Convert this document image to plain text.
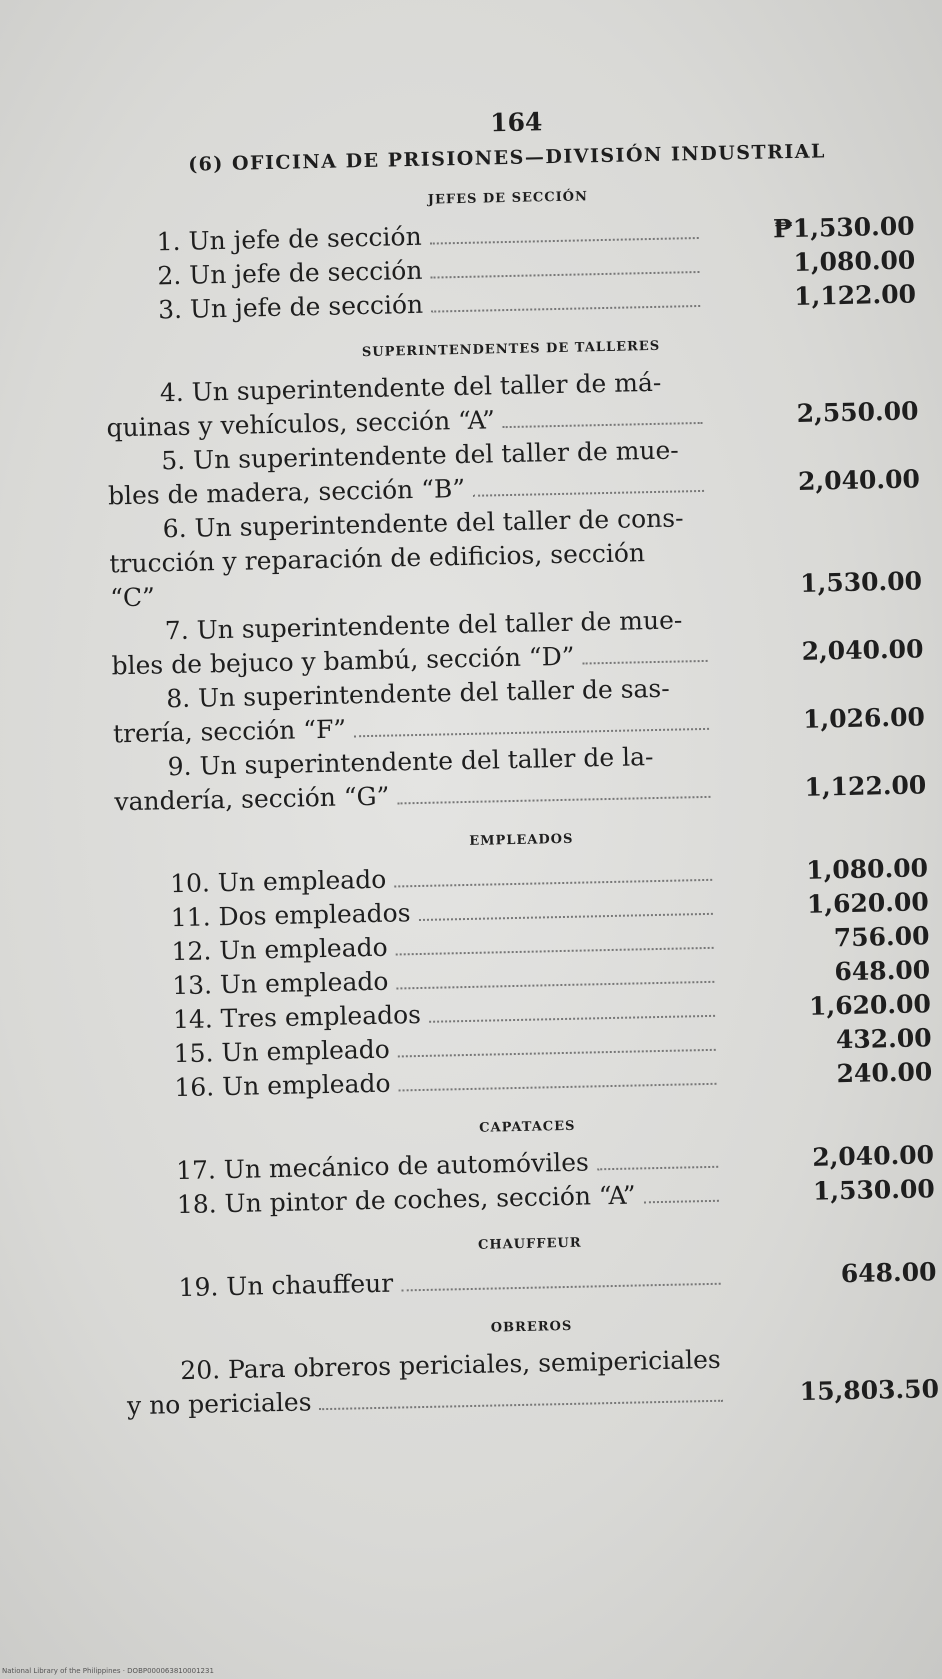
164
(6) OFICINA DE PRISIONES—DIVISIÓN INDUSTRIAL
JEFES DE SECCIÓN
1. Un jefe de sección	₱1,530.00
2. Un jefe de sección	1,080.00
3. Un jefe de sección	1,122.00
SUPERINTENDENTES DE TALLERES
4. Un superintendente del taller de má-
quinas y vehículos, sección “A”	2,550.00
5. Un superintendente del taller de mue-
bles de madera, sección “B”	2,040.00
6. Un superintendente del taller de cons-
trucción y reparación de edificios, sección “C”	1,530.00
7. Un superintendente del taller de mue-
bles de bejuco y bambú, sección “D”	2,040.00
8. Un superintendente del taller de sas-
trería, sección “F”	1,026.00
9. Un superintendente del taller de la-
vandería, sección “G”	1,122.00
EMPLEADOS
10. Un empleado	1,080.00
11. Dos empleados	1,620.00
12. Un empleado	756.00
13. Un empleado	648.00
14. Tres empleados	1,620.00
15. Un empleado	432.00
16. Un empleado	240.00
CAPATACES
17. Un mecánico de automóviles	2,040.00
18. Un pintor de coches, sección “A”	1,530.00
CHAUFFEUR
19. Un chauffeur	648.00
OBREROS
20. Para obreros periciales, semipericiales
y no periciales	15,803.50
National Library of the Philippines · DOBP000063810001231
